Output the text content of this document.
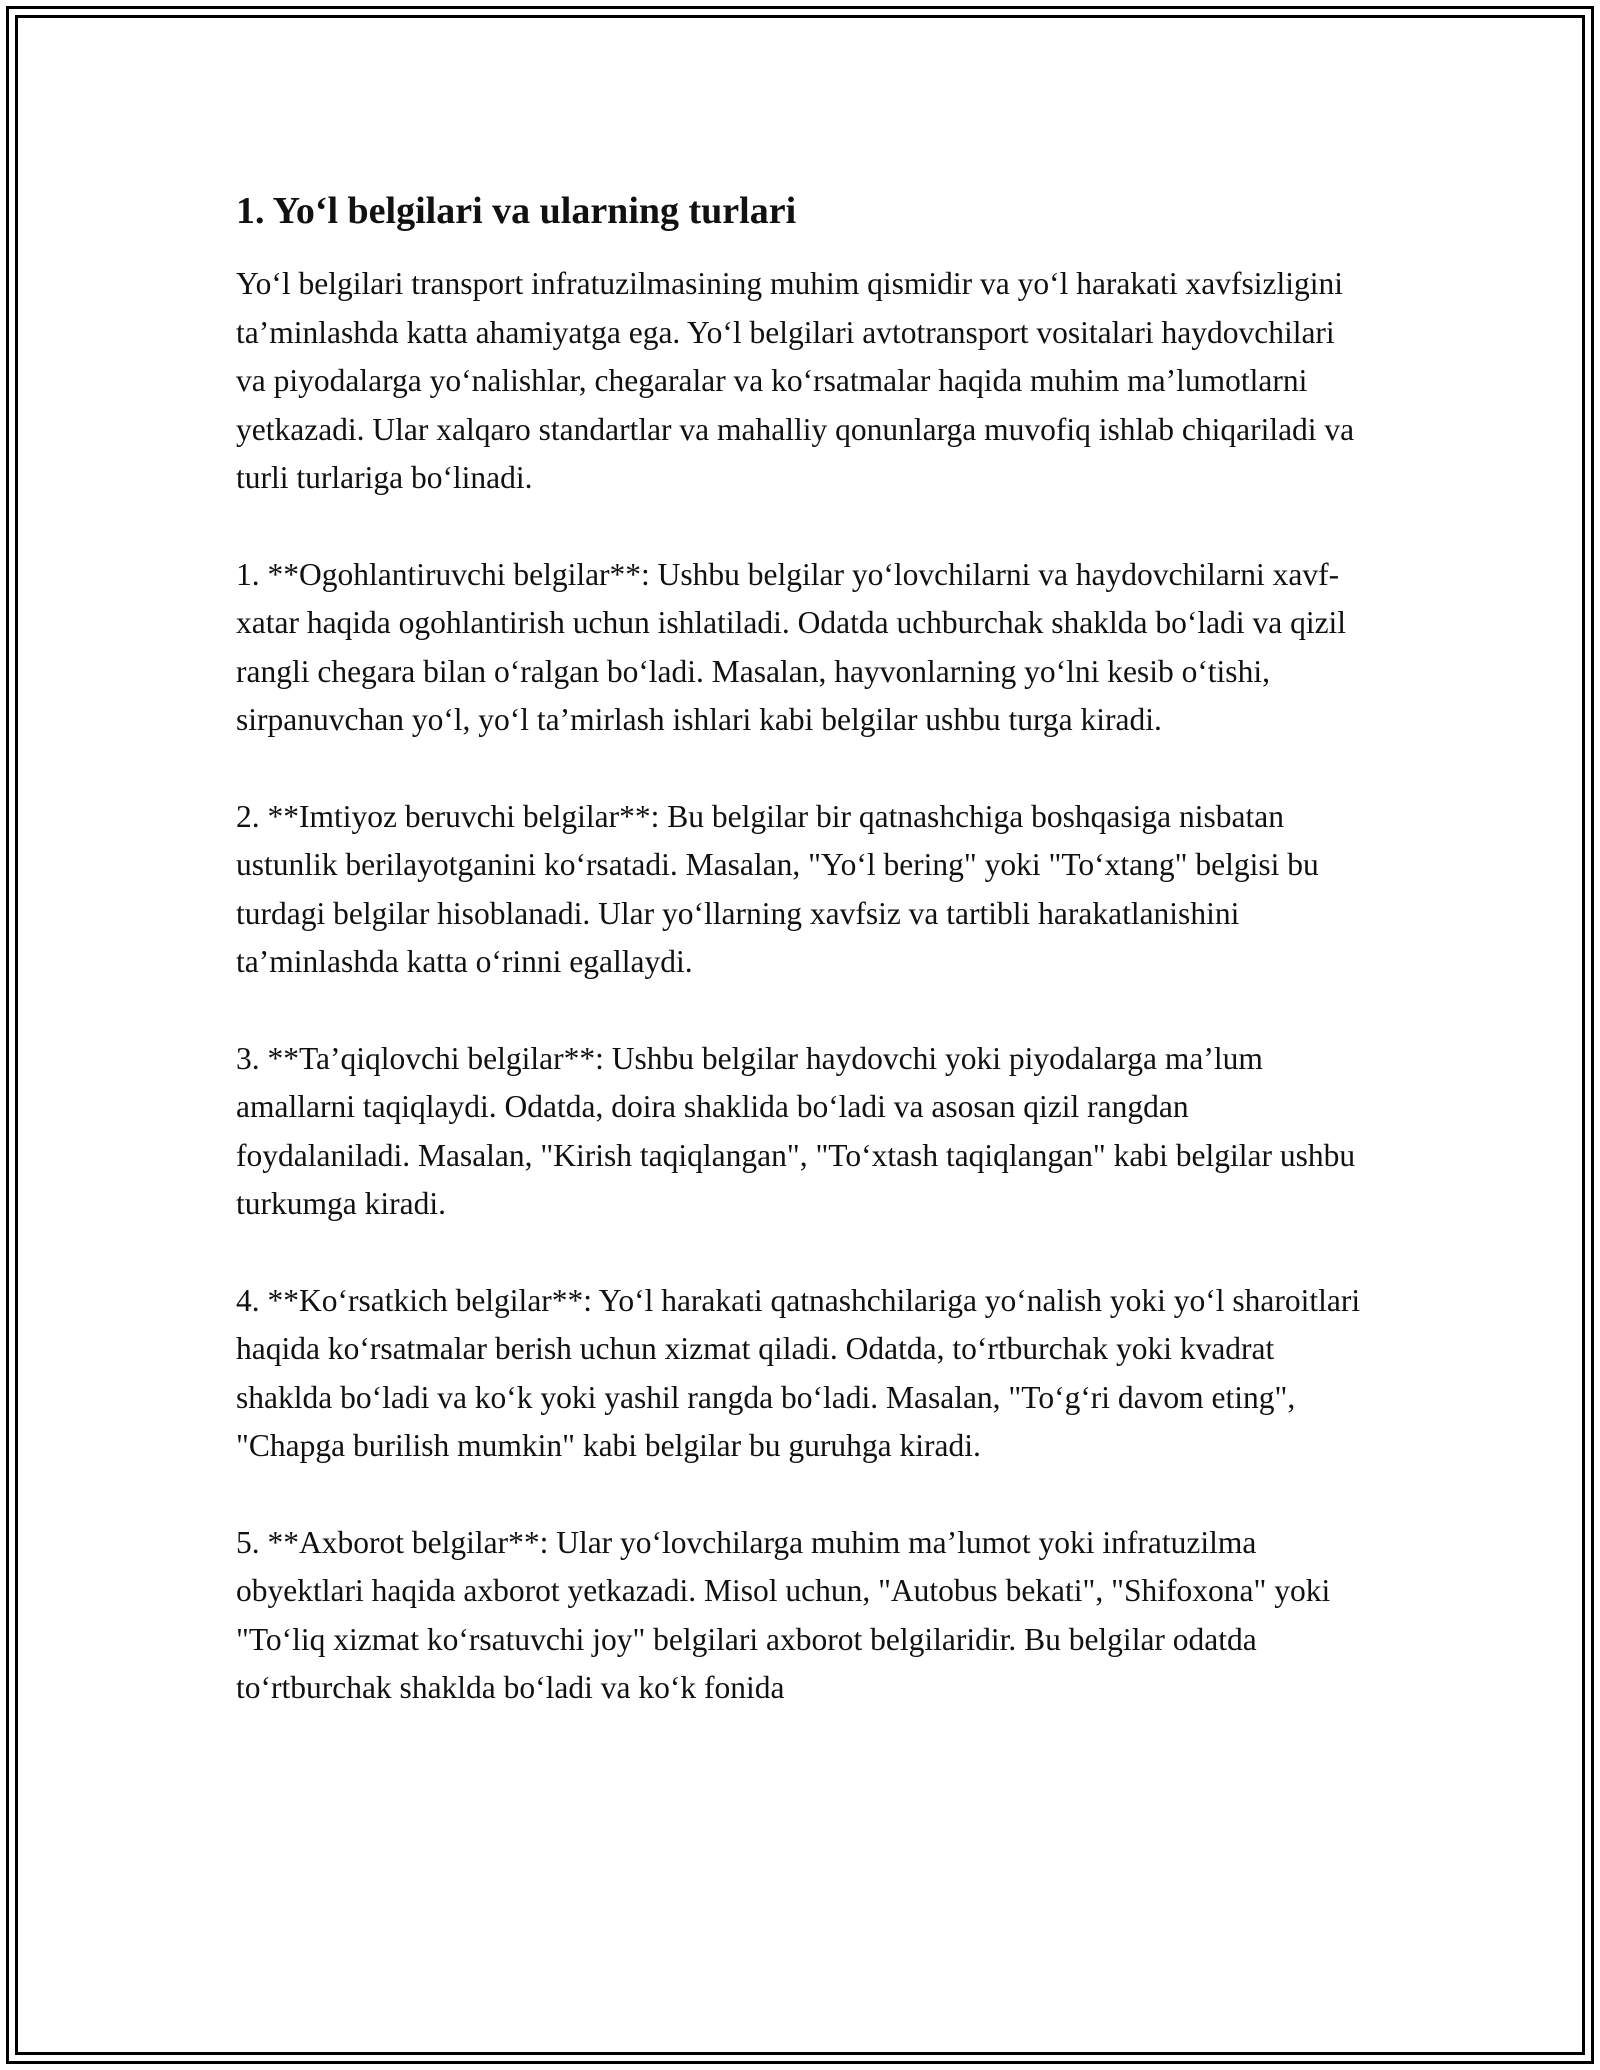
1. Yo‘l belgilari va ularning turlari

Yo‘l belgilari transport infratuzilmasining muhim qismidir va yo‘l harakati xavfsizligini ta’minlashda katta ahamiyatga ega. Yo‘l belgilari avtotransport vositalari haydovchilari va piyodalarga yo‘nalishlar, chegaralar va ko‘rsatmalar haqida muhim ma’lumotlarni yetkazadi. Ular xalqaro standartlar va mahalliy qonunlarga muvofiq ishlab chiqariladi va turli turlariga bo‘linadi.

1. **Ogohlantiruvchi belgilar**: Ushbu belgilar yo‘lovchilarni va haydovchilarni xavf-xatar haqida ogohlantirish uchun ishlatiladi. Odatda uchburchak shaklda bo‘ladi va qizil rangli chegara bilan o‘ralgan bo‘ladi. Masalan, hayvonlarning yo‘lni kesib o‘tishi, sirpanuvchan yo‘l, yo‘l ta’mirlash ishlari kabi belgilar ushbu turga kiradi.

2. **Imtiyoz beruvchi belgilar**: Bu belgilar bir qatnashchiga boshqasiga nisbatan ustunlik berilayotganini ko‘rsatadi. Masalan, "Yo‘l bering" yoki "To‘xtang" belgisi bu turdagi belgilar hisoblanadi. Ular yo‘llarning xavfsiz va tartibli harakatlanishini ta’minlashda katta o‘rinni egallaydi.

3. **Ta’qiqlovchi belgilar**: Ushbu belgilar haydovchi yoki piyodalarga ma’lum amallarni taqiqlaydi. Odatda, doira shaklida bo‘ladi va asosan qizil rangdan foydalaniladi. Masalan, "Kirish taqiqlangan", "To‘xtash taqiqlangan" kabi belgilar ushbu turkumga kiradi.

4. **Ko‘rsatkich belgilar**: Yo‘l harakati qatnashchilariga yo‘nalish yoki yo‘l sharoitlari haqida ko‘rsatmalar berish uchun xizmat qiladi. Odatda, to‘rtburchak yoki kvadrat shaklda bo‘ladi va ko‘k yoki yashil rangda bo‘ladi. Masalan, "To‘g‘ri davom eting", "Chapga burilish mumkin" kabi belgilar bu guruhga kiradi.

5. **Axborot belgilar**: Ular yo‘lovchilarga muhim ma’lumot yoki infratuzilma obyektlari haqida axborot yetkazadi. Misol uchun, "Autobus bekati", "Shifoxona" yoki "To‘liq xizmat ko‘rsatuvchi joy" belgilari axborot belgilaridir. Bu belgilar odatda to‘rtburchak shaklda bo‘ladi va ko‘k fonida
